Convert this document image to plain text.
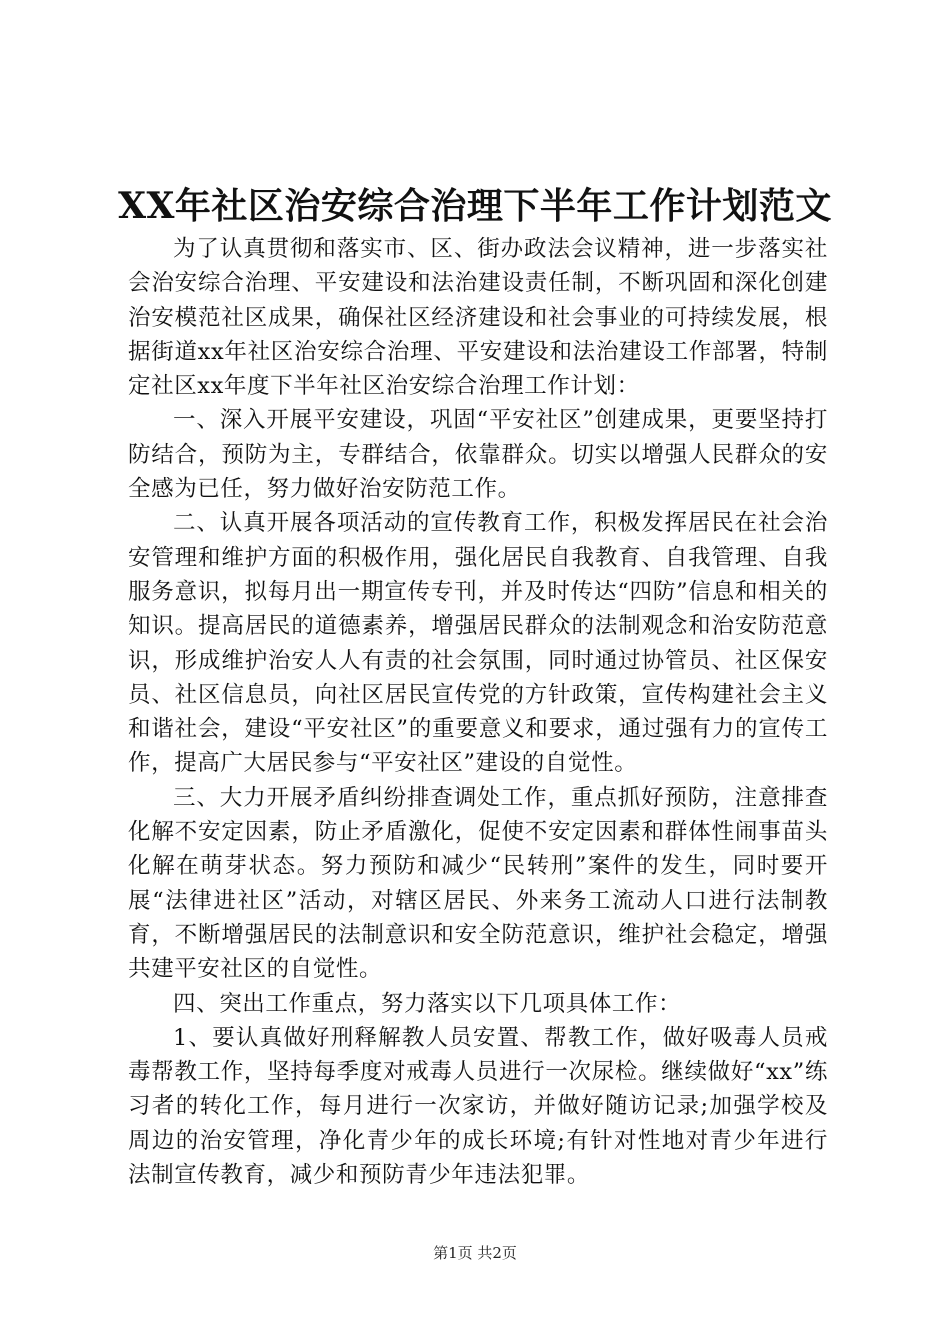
XX年社区治安综合治理下半年工作计划范文

为了认真贯彻和落实市、区、街办政法会议精神，进一步落实社会治安综合治理、平安建设和法治建设责任制，不断巩固和深化创建治安模范社区成果，确保社区经济建设和社会事业的可持续发展，根据街道xx年社区治安综合治理、平安建设和法治建设工作部署，特制定社区xx年度下半年社区治安综合治理工作计划：

一、深入开展平安建设，巩固“平安社区”创建成果，更要坚持打防结合，预防为主，专群结合，依靠群众。切实以增强人民群众的安全感为已任，努力做好治安防范工作。

二、认真开展各项活动的宣传教育工作，积极发挥居民在社会治安管理和维护方面的积极作用，强化居民自我教育、自我管理、自我服务意识，拟每月出一期宣传专刊，并及时传达“四防”信息和相关的知识。提高居民的道德素养，增强居民群众的法制观念和治安防范意识，形成维护治安人人有责的社会氛围，同时通过协管员、社区保安员、社区信息员，向社区居民宣传党的方针政策，宣传构建社会主义和谐社会，建设“平安社区”的重要意义和要求，通过强有力的宣传工作，提高广大居民参与“平安社区”建设的自觉性。

三、大力开展矛盾纠纷排查调处工作，重点抓好预防，注意排查化解不安定因素，防止矛盾激化，促使不安定因素和群体性闹事苗头化解在萌芽状态。努力预防和减少“民转刑”案件的发生，同时要开展“法律进社区”活动，对辖区居民、外来务工流动人口进行法制教育，不断增强居民的法制意识和安全防范意识，维护社会稳定，增强共建平安社区的自觉性。

四、突出工作重点，努力落实以下几项具体工作：

1、要认真做好刑释解教人员安置、帮教工作，做好吸毒人员戒毒帮教工作，坚持每季度对戒毒人员进行一次尿检。继续做好“xx”练习者的转化工作，每月进行一次家访，并做好随访记录;加强学校及周边的治安管理，净化青少年的成长环境;有针对性地对青少年进行法制宣传教育，减少和预防青少年违法犯罪。

第1页 共2页
